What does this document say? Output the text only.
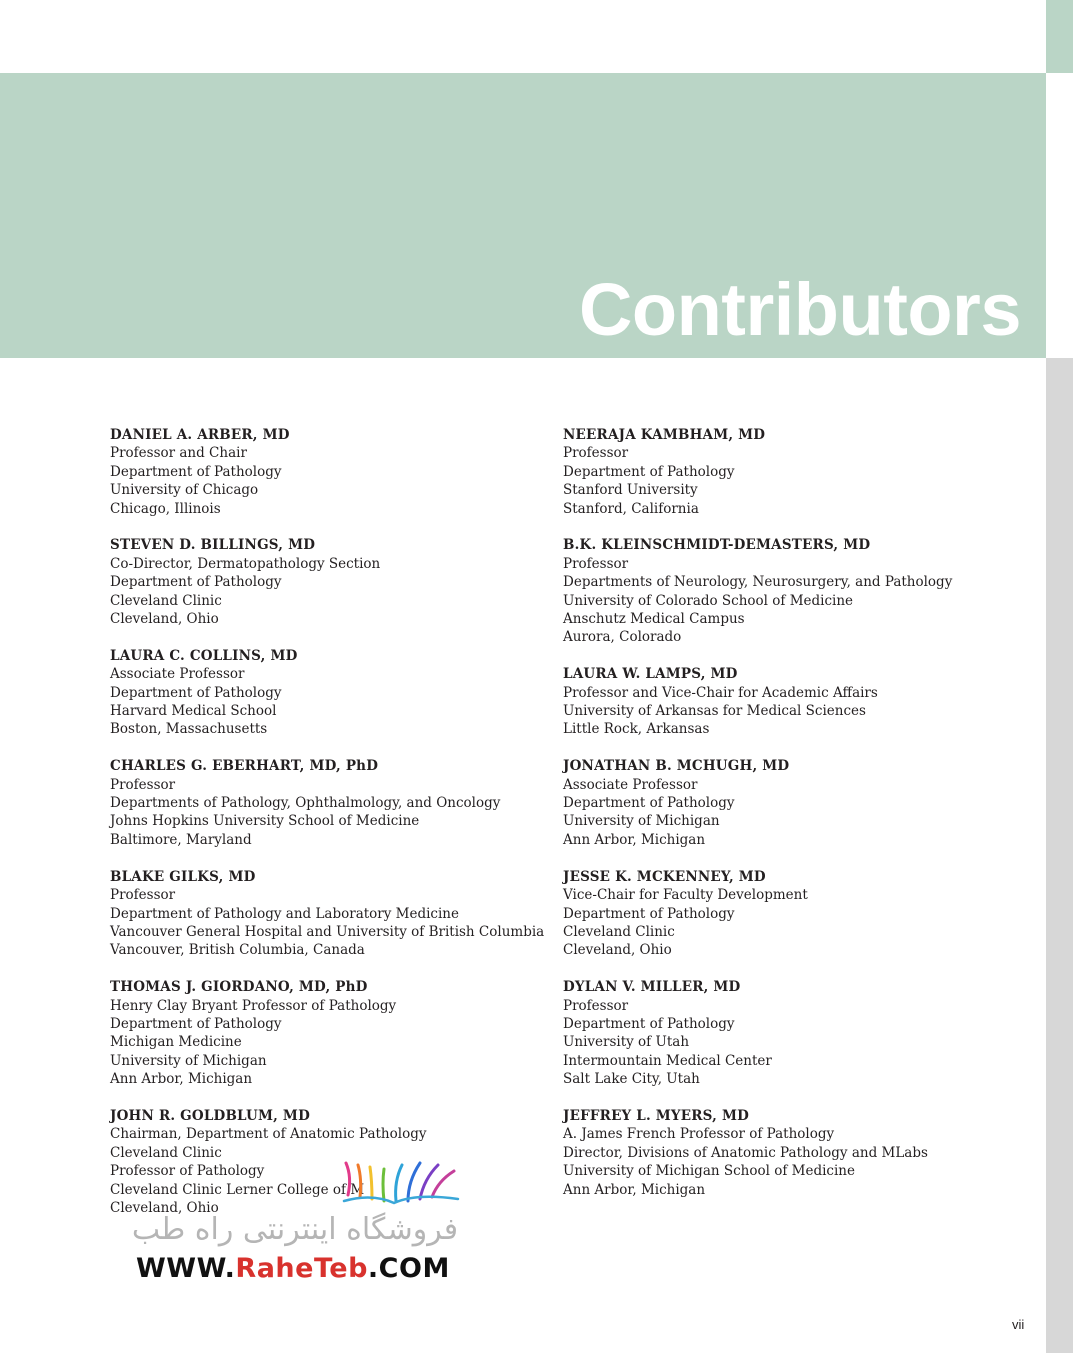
Contributors
DANIEL A. ARBER, MD
Professor and Chair
Department of Pathology
University of Chicago
Chicago, Illinois
STEVEN D. BILLINGS, MD
Co-Director, Dermatopathology Section
Department of Pathology
Cleveland Clinic
Cleveland, Ohio
LAURA C. COLLINS, MD
Associate Professor
Department of Pathology
Harvard Medical School
Boston, Massachusetts
CHARLES G. EBERHART, MD, PhD
Professor
Departments of Pathology, Ophthalmology, and Oncology
Johns Hopkins University School of Medicine
Baltimore, Maryland
BLAKE GILKS, MD
Professor
Department of Pathology and Laboratory Medicine
Vancouver General Hospital and University of British Columbia
Vancouver, British Columbia, Canada
THOMAS J. GIORDANO, MD, PhD
Henry Clay Bryant Professor of Pathology
Department of Pathology
Michigan Medicine
University of Michigan
Ann Arbor, Michigan
JOHN R. GOLDBLUM, MD
Chairman, Department of Anatomic Pathology
Cleveland Clinic
Professor of Pathology
Cleveland Clinic Lerner College of M
Cleveland, Ohio
NEERAJA KAMBHAM, MD
Professor
Department of Pathology
Stanford University
Stanford, California
B.K. KLEINSCHMIDT-DEMASTERS, MD
Professor
Departments of Neurology, Neurosurgery, and Pathology
University of Colorado School of Medicine
Anschutz Medical Campus
Aurora, Colorado
LAURA W. LAMPS, MD
Professor and Vice-Chair for Academic Affairs
University of Arkansas for Medical Sciences
Little Rock, Arkansas
JONATHAN B. MCHUGH, MD
Associate Professor
Department of Pathology
University of Michigan
Ann Arbor, Michigan
JESSE K. MCKENNEY, MD
Vice-Chair for Faculty Development
Department of Pathology
Cleveland Clinic
Cleveland, Ohio
DYLAN V. MILLER, MD
Professor
Department of Pathology
University of Utah
Intermountain Medical Center
Salt Lake City, Utah
JEFFREY L. MYERS, MD
A. James French Professor of Pathology
Director, Divisions of Anatomic Pathology and MLabs
University of Michigan School of Medicine
Ann Arbor, Michigan
فروشگاه اینترنتی راه طب
WWW.RaheTeb.COM
vii
